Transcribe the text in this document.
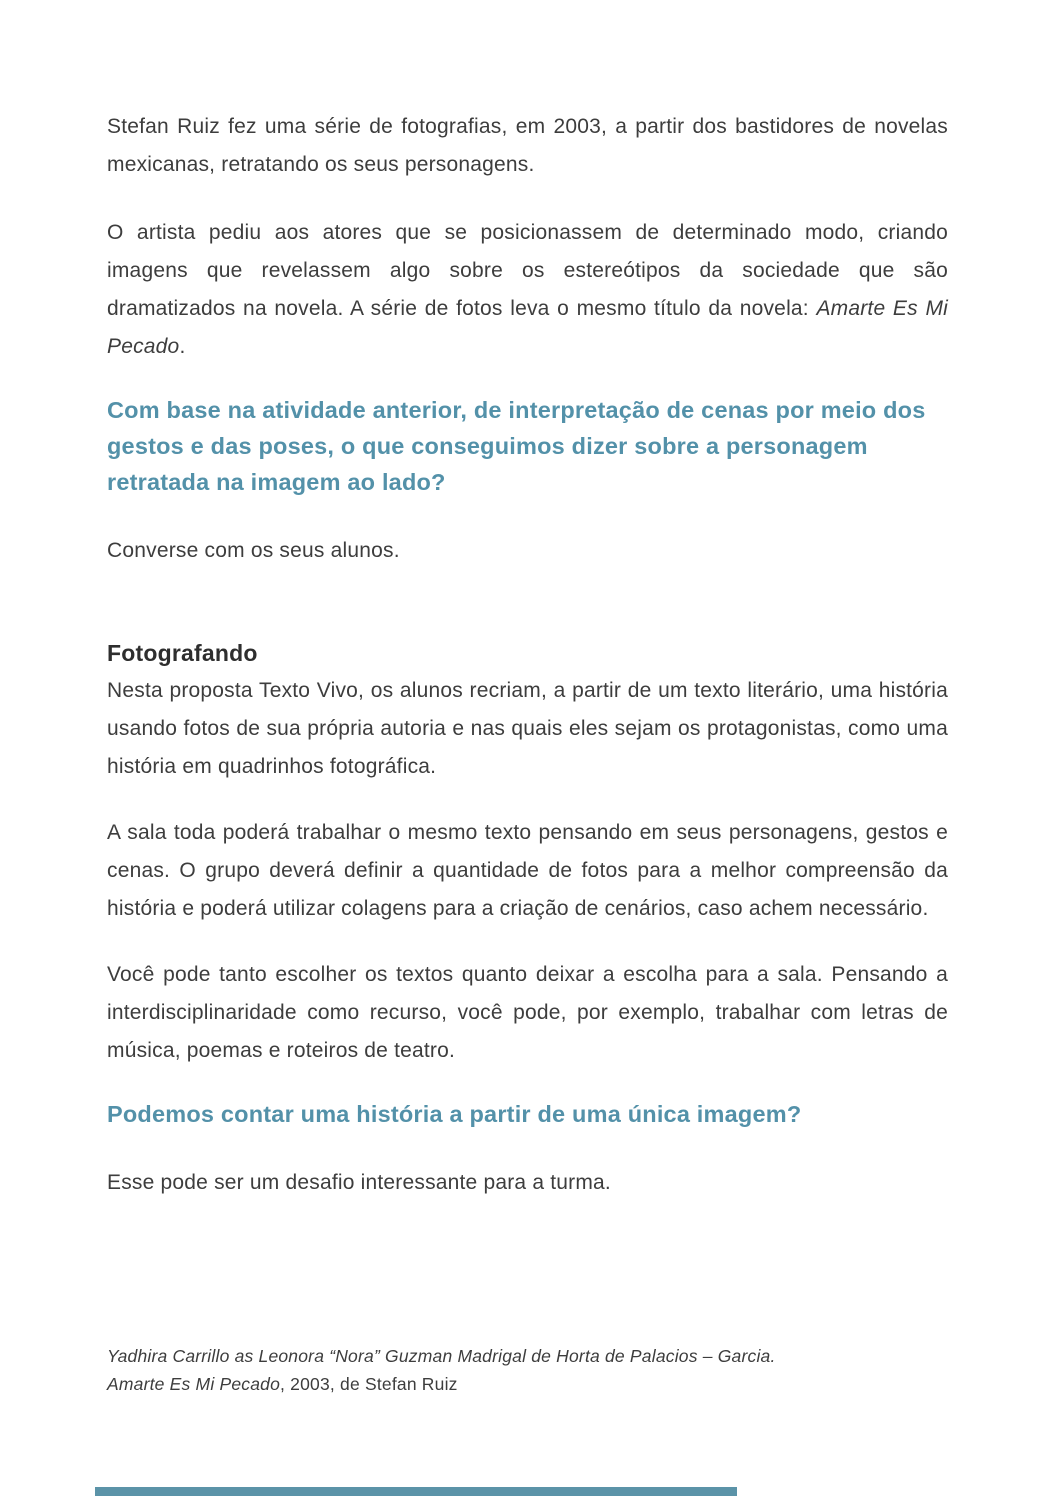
Stefan Ruiz fez uma série de fotografias, em 2003, a partir dos bastidores de novelas mexicanas, retratando os seus personagens.

O artista pediu aos atores que se posicionassem de determinado modo, criando imagens que revelassem algo sobre os estereótipos da sociedade que são dramatizados na novela. A série de fotos leva o mesmo título da novela: Amarte Es Mi Pecado.

Com base na atividade anterior, de interpretação de cenas por meio dos gestos e das poses, o que conseguimos dizer sobre a personagem retratada na imagem ao lado?

Converse com os seus alunos.

Fotografando

Nesta proposta Texto Vivo, os alunos recriam, a partir de um texto literário, uma história usando fotos de sua própria autoria e nas quais eles sejam os protagonistas, como uma história em quadrinhos fotográfica.

A sala toda poderá trabalhar o mesmo texto pensando em seus personagens, gestos e cenas. O grupo deverá definir a quantidade de fotos para a melhor compreensão da história e poderá utilizar colagens para a criação de cenários, caso achem necessário.

Você pode tanto escolher os textos quanto deixar a escolha para a sala. Pensando a interdisciplinaridade como recurso, você pode, por exemplo, trabalhar com letras de música, poemas e roteiros de teatro.

Podemos contar uma história a partir de uma única imagem?

Esse pode ser um desafio interessante para a turma.

Yadhira Carrillo as Leonora “Nora” Guzman Madrigal de Horta de Palacios – Garcia.
Amarte Es Mi Pecado, 2003, de Stefan Ruiz
